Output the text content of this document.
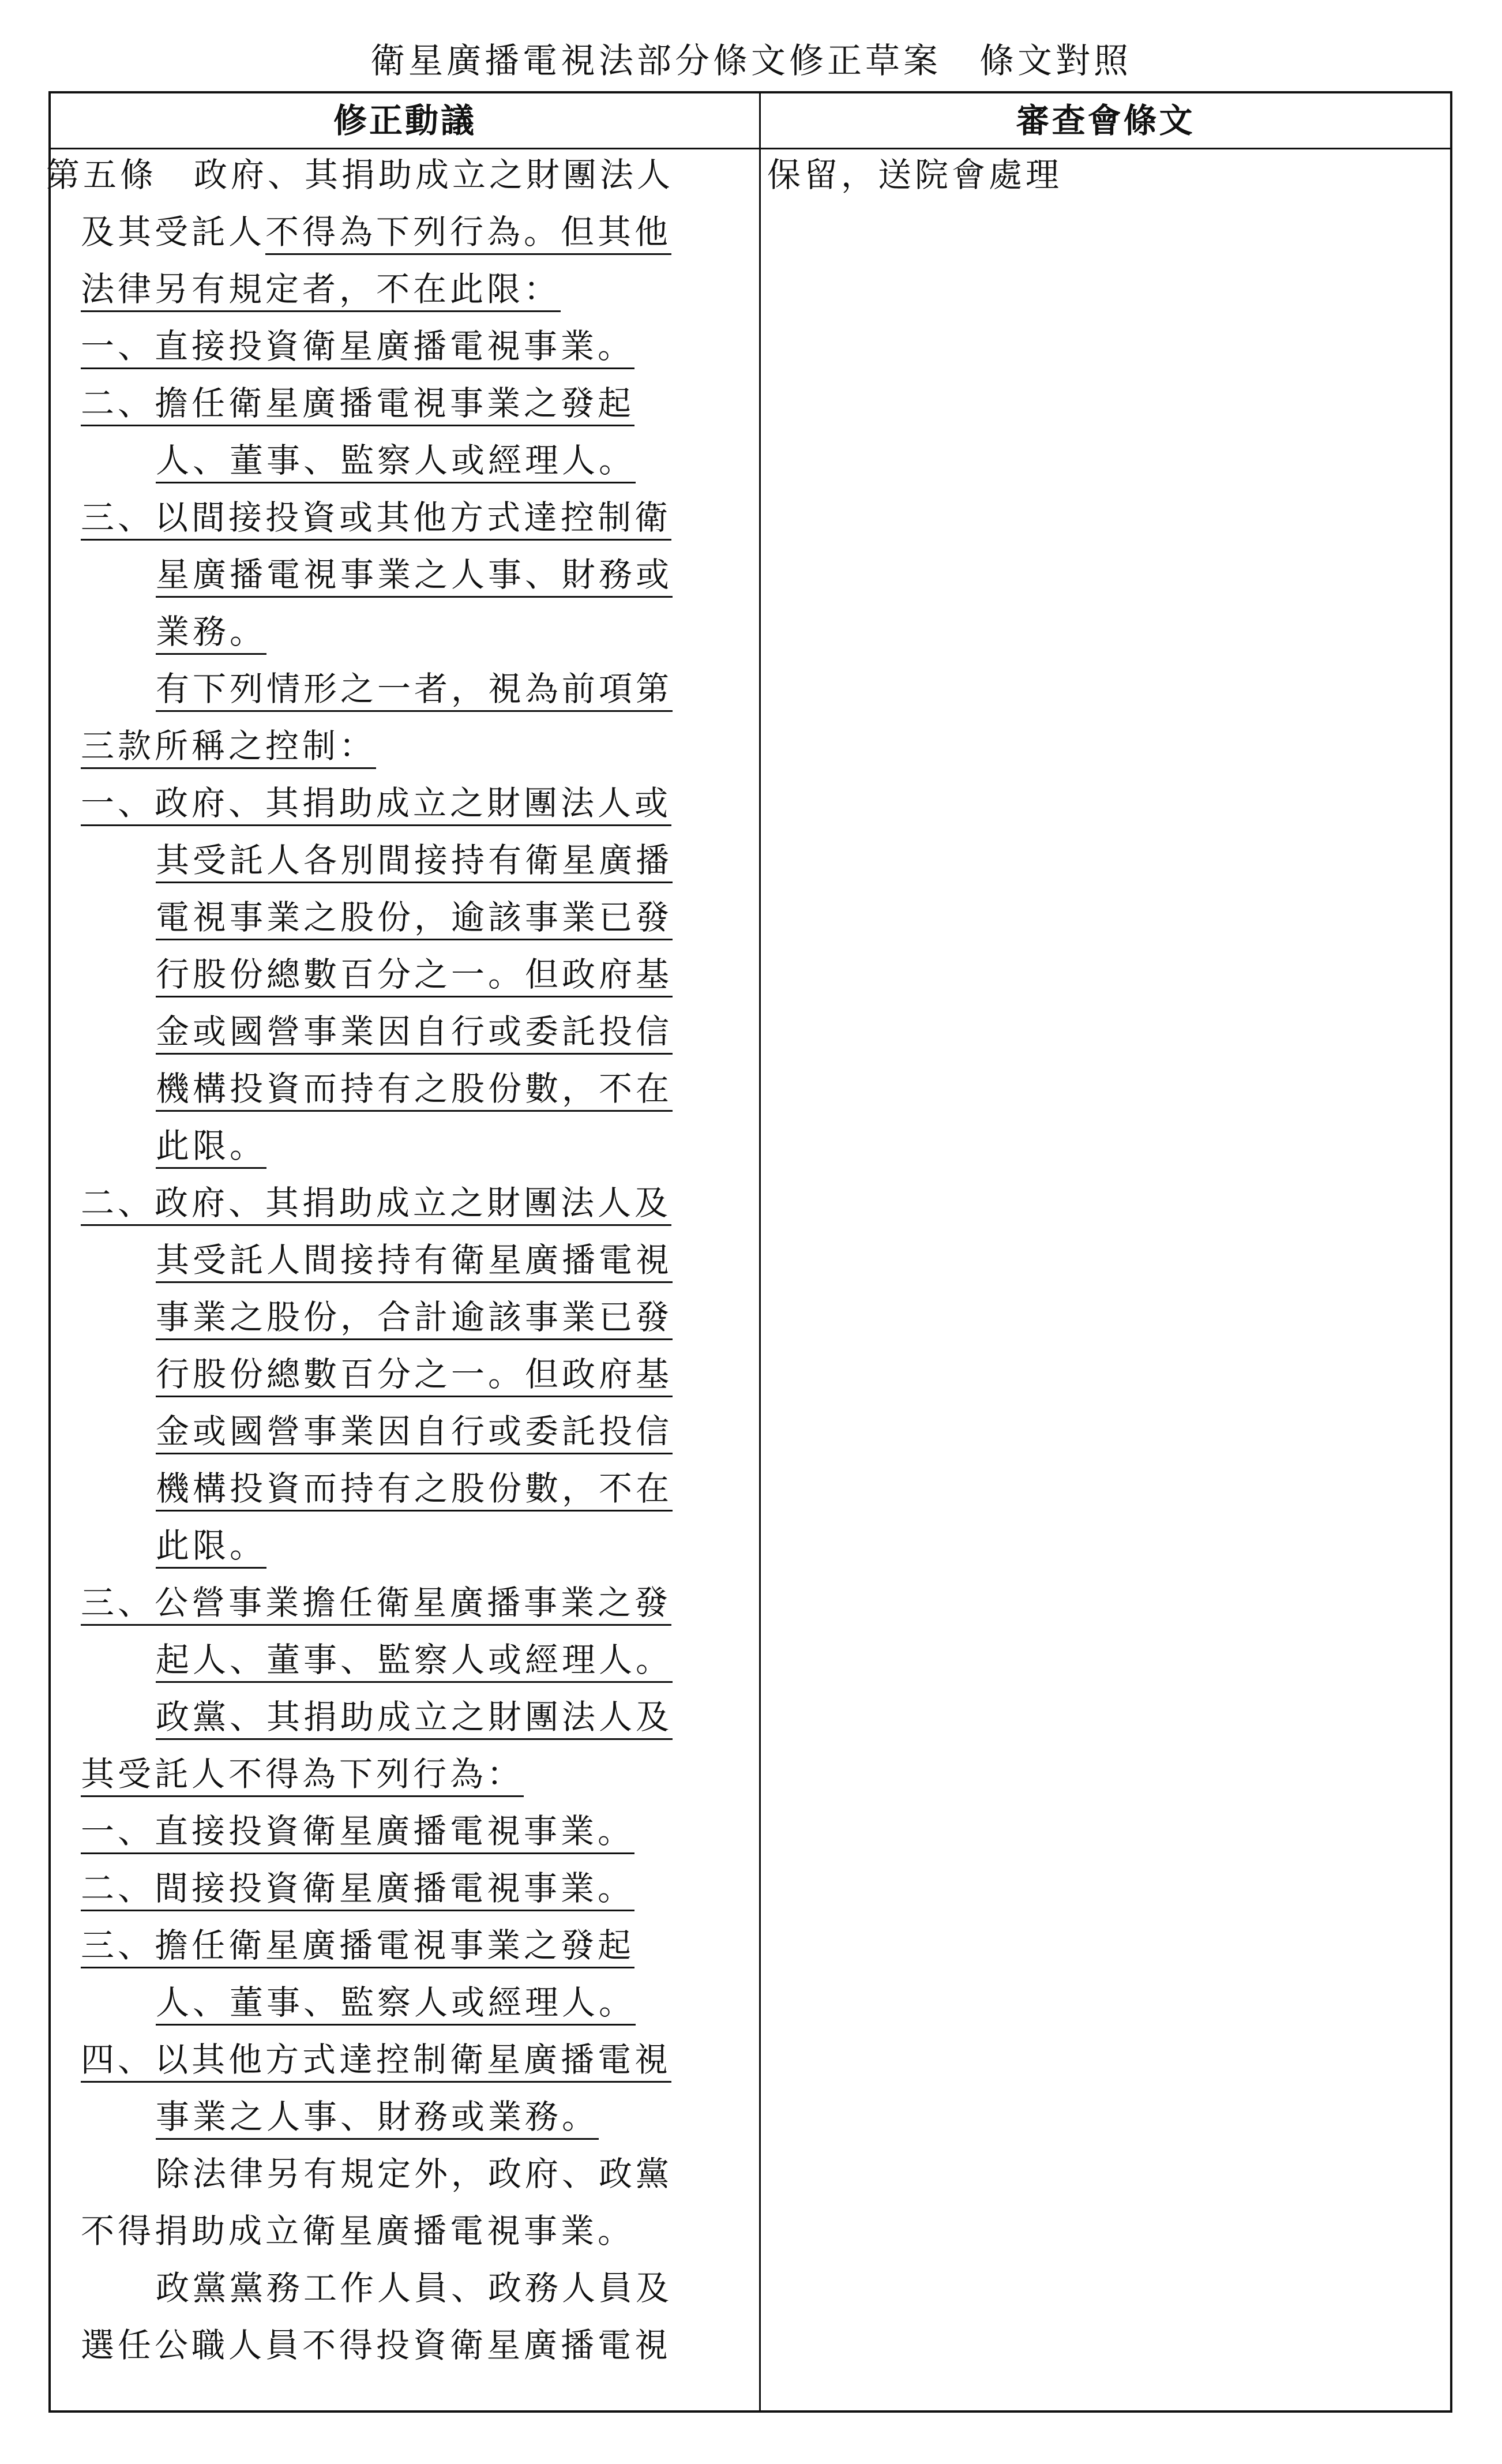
衛星廣播電視法部分條文修正草案　條文對照
修正動議	審查會條文
第五條　政府、其捐助成立之財團法人
及其受託人不得為下列行為。但其他
法律另有規定者，不在此限：
一、直接投資衛星廣播電視事業。
二、擔任衛星廣播電視事業之發起
人、董事、監察人或經理人。
三、以間接投資或其他方式達控制衛
星廣播電視事業之人事、財務或
業務。
有下列情形之一者，視為前項第
三款所稱之控制：
一、政府、其捐助成立之財團法人或
其受託人各別間接持有衛星廣播
電視事業之股份，逾該事業已發
行股份總數百分之一。但政府基
金或國營事業因自行或委託投信
機構投資而持有之股份數，不在
此限。
二、政府、其捐助成立之財團法人及
其受託人間接持有衛星廣播電視
事業之股份，合計逾該事業已發
行股份總數百分之一。但政府基
金或國營事業因自行或委託投信
機構投資而持有之股份數，不在
此限。
三、公營事業擔任衛星廣播事業之發
起人、董事、監察人或經理人。
政黨、其捐助成立之財團法人及
其受託人不得為下列行為：
一、直接投資衛星廣播電視事業。
二、間接投資衛星廣播電視事業。
三、擔任衛星廣播電視事業之發起
人、董事、監察人或經理人。
四、以其他方式達控制衛星廣播電視
事業之人事、財務或業務。
除法律另有規定外，政府、政黨
不得捐助成立衛星廣播電視事業。
政黨黨務工作人員、政務人員及
選任公職人員不得投資衛星廣播電視
保留，送院會處理
